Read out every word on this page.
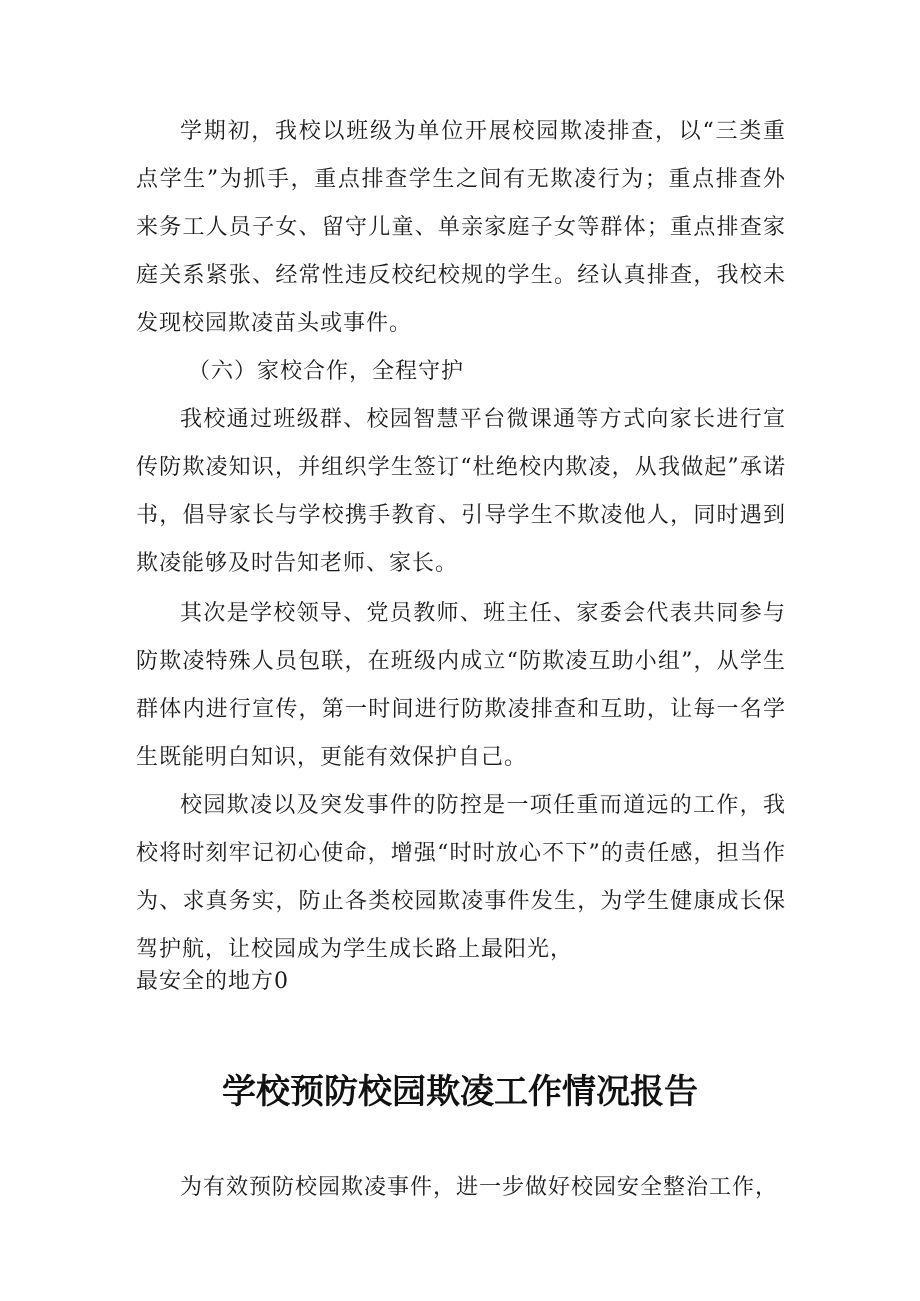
学期初，我校以班级为单位开展校园欺凌排查，以“三类重点学生”为抓手，重点排查学生之间有无欺凌行为；重点排查外来务工人员子女、留守儿童、单亲家庭子女等群体；重点排查家庭关系紧张、经常性违反校纪校规的学生。经认真排查，我校未发现校园欺凌苗头或事件。

（六）家校合作，全程守护

我校通过班级群、校园智慧平台微课通等方式向家长进行宣传防欺凌知识，并组织学生签订“杜绝校内欺凌，从我做起”承诺书，倡导家长与学校携手教育、引导学生不欺凌他人，同时遇到欺凌能够及时告知老师、家长。

其次是学校领导、党员教师、班主任、家委会代表共同参与防欺凌特殊人员包联，在班级内成立“防欺凌互助小组”，从学生群体内进行宣传，第一时间进行防欺凌排查和互助，让每一名学生既能明白知识，更能有效保护自己。

校园欺凌以及突发事件的防控是一项任重而道远的工作，我校将时刻牢记初心使命，增强“时时放心不下”的责任感，担当作为、求真务实，防止各类校园欺凌事件发生，为学生健康成长保驾护航，让校园成为学生成长路上最阳光，

最安全的地方0

学校预防校园欺凌工作情况报告

为有效预防校园欺凌事件，进一步做好校园安全整治工作，
